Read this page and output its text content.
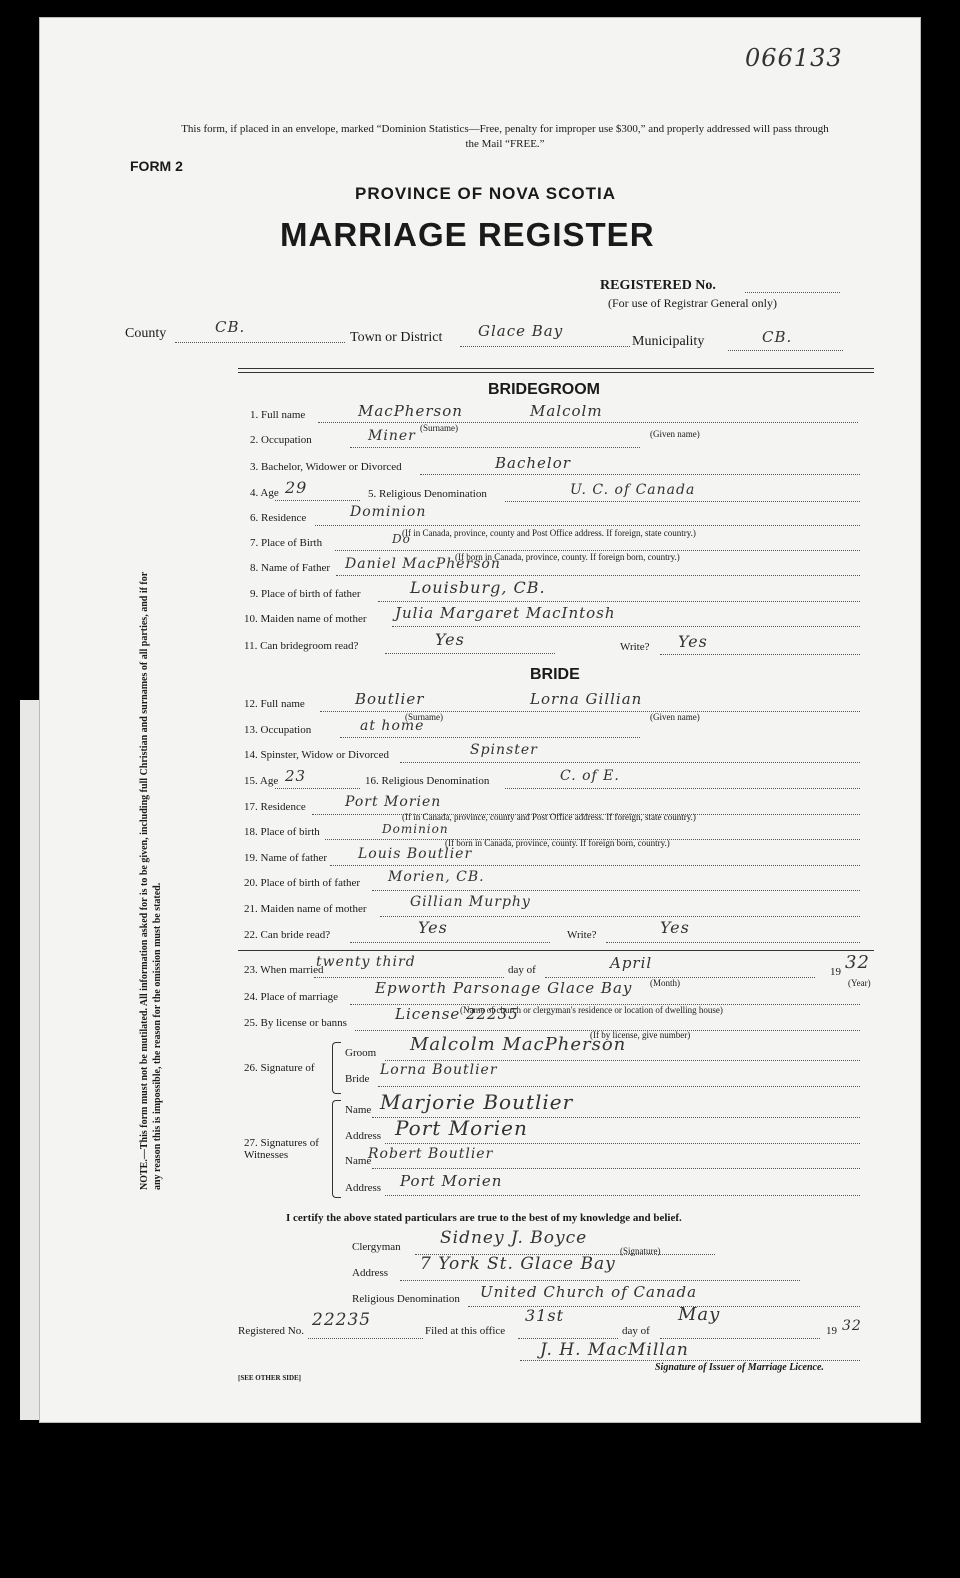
066133
This form, if placed in an envelope, marked “Dominion Statistics—Free, penalty for improper use $300,” and properly addressed will pass through the Mail “FREE.”
FORM 2
PROVINCE OF NOVA SCOTIA
MARRIAGE REGISTER
REGISTERED No.
(For use of Registrar General only)
County	CB.
Town or District Glace Bay
Municipality	CB.
BRIDEGROOM
1. Full name	MacPherson	Malcolm
(Surname)
(Given name)
2. Occupation	Miner
3. Bachelor, Widower or Divorced	Bachelor
4. Age 29	5. Religious Denomination	U. C. of Canada
6. Residence	Dominion
(If in Canada, province, county and Post Office address. If foreign, state country.)
7. Place of Birth	Do
8. Name of Father Daniel MacPherson
(If born in Canada, province, county. If foreign born, country.)
9. Place of birth of father	Louisburg, CB.
10. Maiden name of mother Julia Margaret MacIntosh
11. Can bridegroom read?	Yes	Write? Yes
BRIDE
12. Full name	Boutlier	Lorna Gillian
(Surname)	(Given name)
13. Occupation	at home
14. Spinster, Widow or Divorced	Spinster
15. Age 23	16. Religious Denomination	C. of E.
17. Residence	Port Morien
(If in Canada, province, county and Post Office address. If foreign, state country.)
18. Place of birth	Dominion
(If born in Canada, province, county. If foreign born, country.)
19. Name of father Louis Boutlier
20. Place of birth of father Morien, CB.
21. Maiden name of mother	Gillian Murphy
22. Can bride read?	Yes	Write?	Yes
23. When married
twenty third	day of	April
(Month)
19 32
(Year)
24. Place of marriage Epworth Parsonage Glace Bay
(Name of church or clergyman's residence or location of dwelling house)
25. By license or banns	License 22235
(If by license, give number)
26. Signature of
Groom Malcolm MacPherson
Bride
Lorna Boutlier
27. Signatures of Witnesses
Name Marjorie Boutlier
Address Port Morien
Name
Robert Boutlier
Address Port Morien
I certify the above stated particulars are true to the best of my knowledge and belief.
Clergyman Sidney J. Boyce
(Signature)
Address 7 York St. Glace Bay
Religious Denomination United Church of Canada
Registered No.
22235
Filed at this office
31st
day of
May
19 32
J. H. MacMillan
Signature of Issuer of Marriage Licence.
[SEE OTHER SIDE]
NOTE.—This form must not be mutilated. All information asked for is to be given, including full Christian and surnames of all parties, and if for any reason this is impossible, the reason for the omission must be stated.
